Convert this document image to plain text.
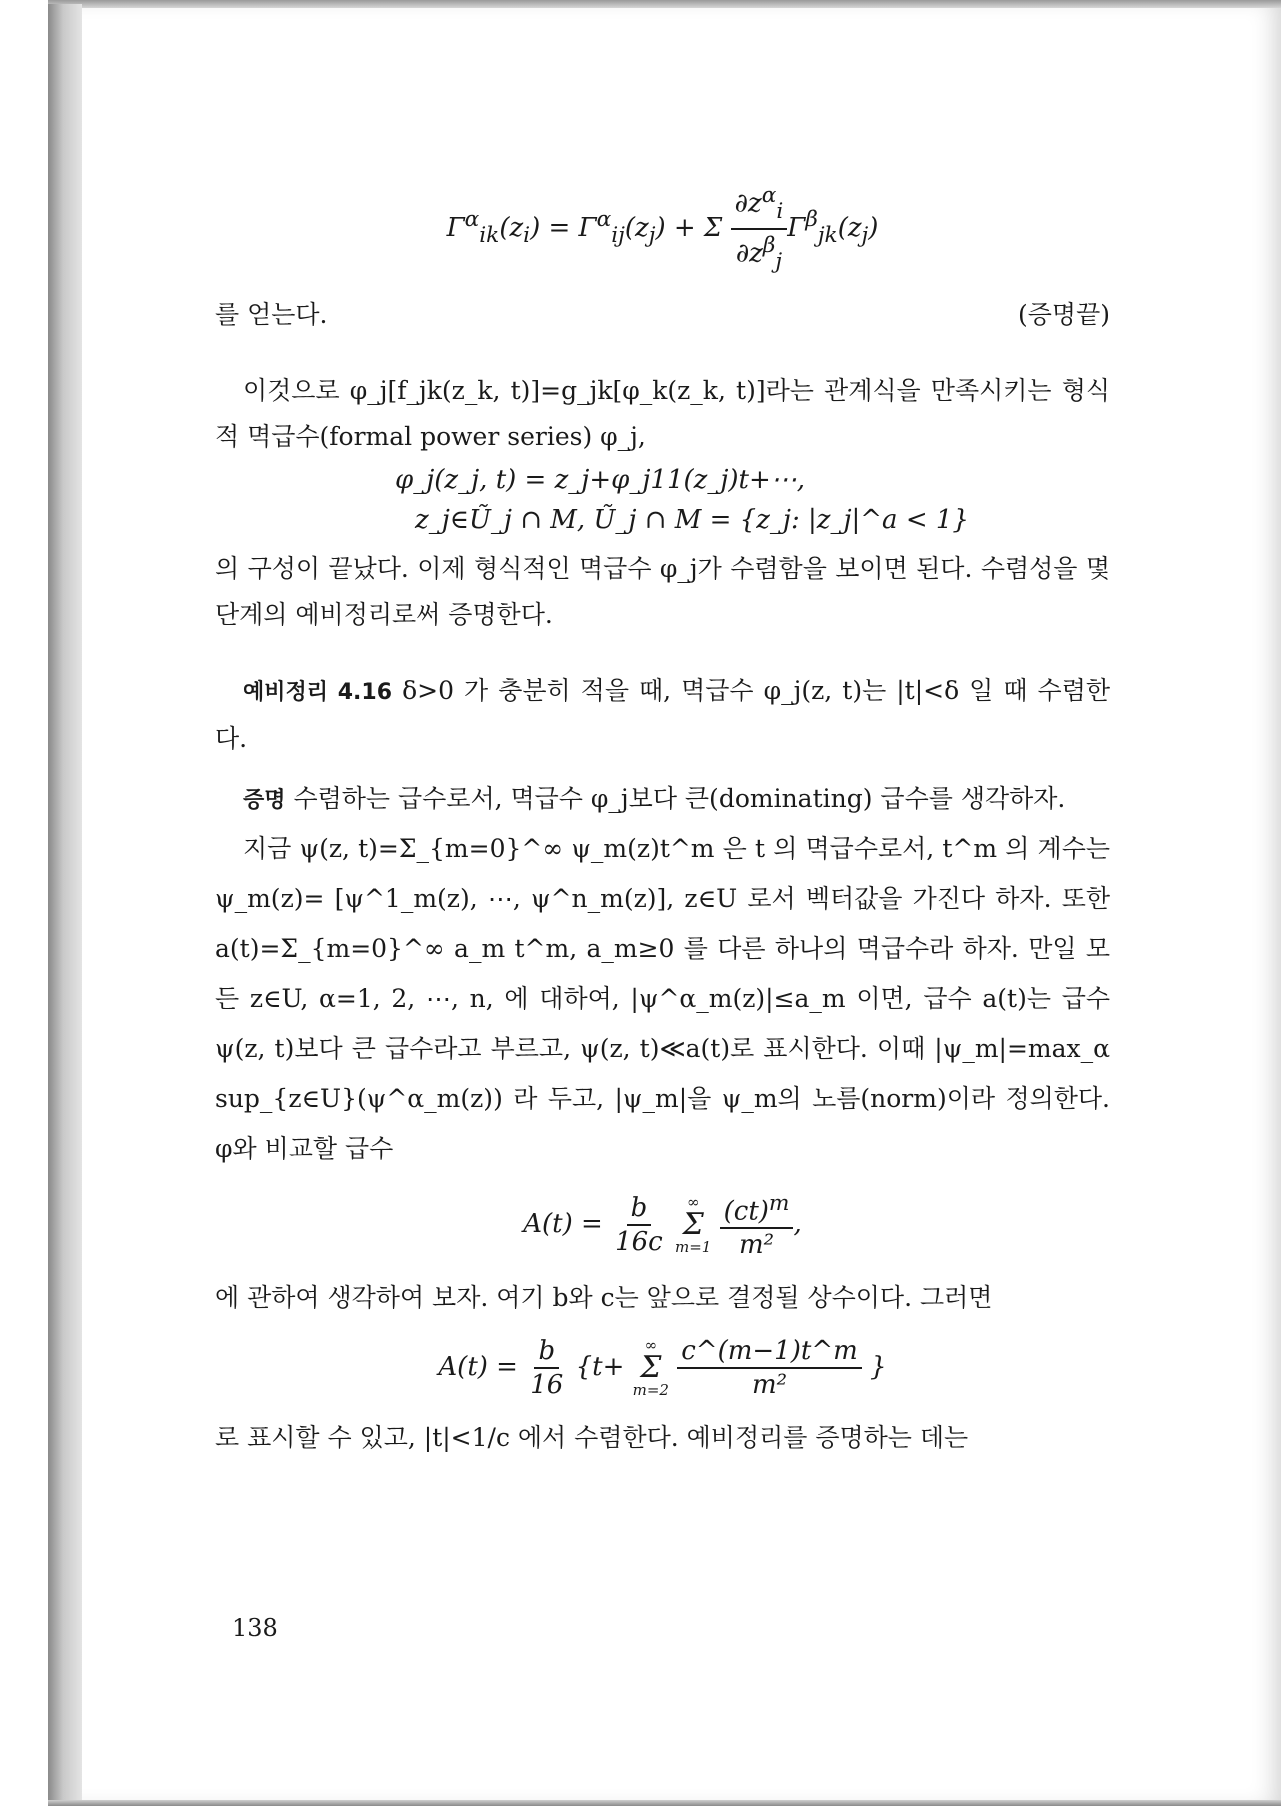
$\Gamma^\alpha_{ik}(z_i) = \Gamma^\alpha_{ij}(z_j) + \Sigma \frac{\partial z^\alpha_i}{\partial z^\beta_j} \Gamma^\beta_{jk}(z_j)$
를 얻는다.	(증명끝)
이것으로 φ_j[f_jk(z_k, t)]=g_jk[φ_k(z_k, t)]라는 관계식을 만족시키는 형식적 멱급수(formal power series) φ_j,
φ_j(z_j, t) = z_j+φ_j11(z_j)t+⋯,
z_j∈Ũ_j ∩ M, Ũ_j ∩ M = {z_j: |z_j|^a < 1}
의 구성이 끝났다. 이제 형식적인 멱급수 φ_j가 수렴함을 보이면 된다. 수렴성을 몇 단계의 예비정리로써 증명한다.
예비정리 4.16 δ>0 가 충분히 적을 때, 멱급수 φ_j(z, t)는 |t|<δ 일 때 수렴한다.
증명 수렴하는 급수로서, 멱급수 φ_j보다 큰(dominating) 급수를 생각하자.
지금 ψ(z, t)=Σ_{m=0}^∞ ψ_m(z)t^m 은 t 의 멱급수로서, t^m 의 계수는 ψ_m(z)= [ψ^1_m(z), ⋯, ψ^n_m(z)], z∈U 로서 벡터값을 가진다 하자. 또한 a(t)=Σ_{m=0}^∞ a_m t^m, a_m≥0 를 다른 하나의 멱급수라 하자. 만일 모든 z∈U, α=1, 2, ⋯, n, 에 대하여, |ψ^α_m(z)|≤a_m 이면, 급수 a(t)는 급수 ψ(z, t)보다 큰 급수라고 부르고, ψ(z, t)≪a(t)로 표시한다. 이때 |ψ_m|=max_α sup_{z∈U}(ψ^α_m(z)) 라 두고, |ψ_m|을 ψ_m의 노름(norm)이라 정의한다. φ와 비교할 급수
$A(t) = \frac{b}{16c}$
∞
Σ
m=1
$\frac{(ct)^m}{\text{m²}}$ ,
에 관하여 생각하여 보자. 여기 b와 c는 앞으로 결정될 상수이다. 그러면
$A(t) = \frac{b}{16} \{t+$
∞
Σ
m=2
$\frac{c\^{}(m-1)t\^{}m}{\text{m²}}$ }
로 표시할 수 있고, |t|<1/c 에서 수렴한다. 예비정리를 증명하는 데는
138
